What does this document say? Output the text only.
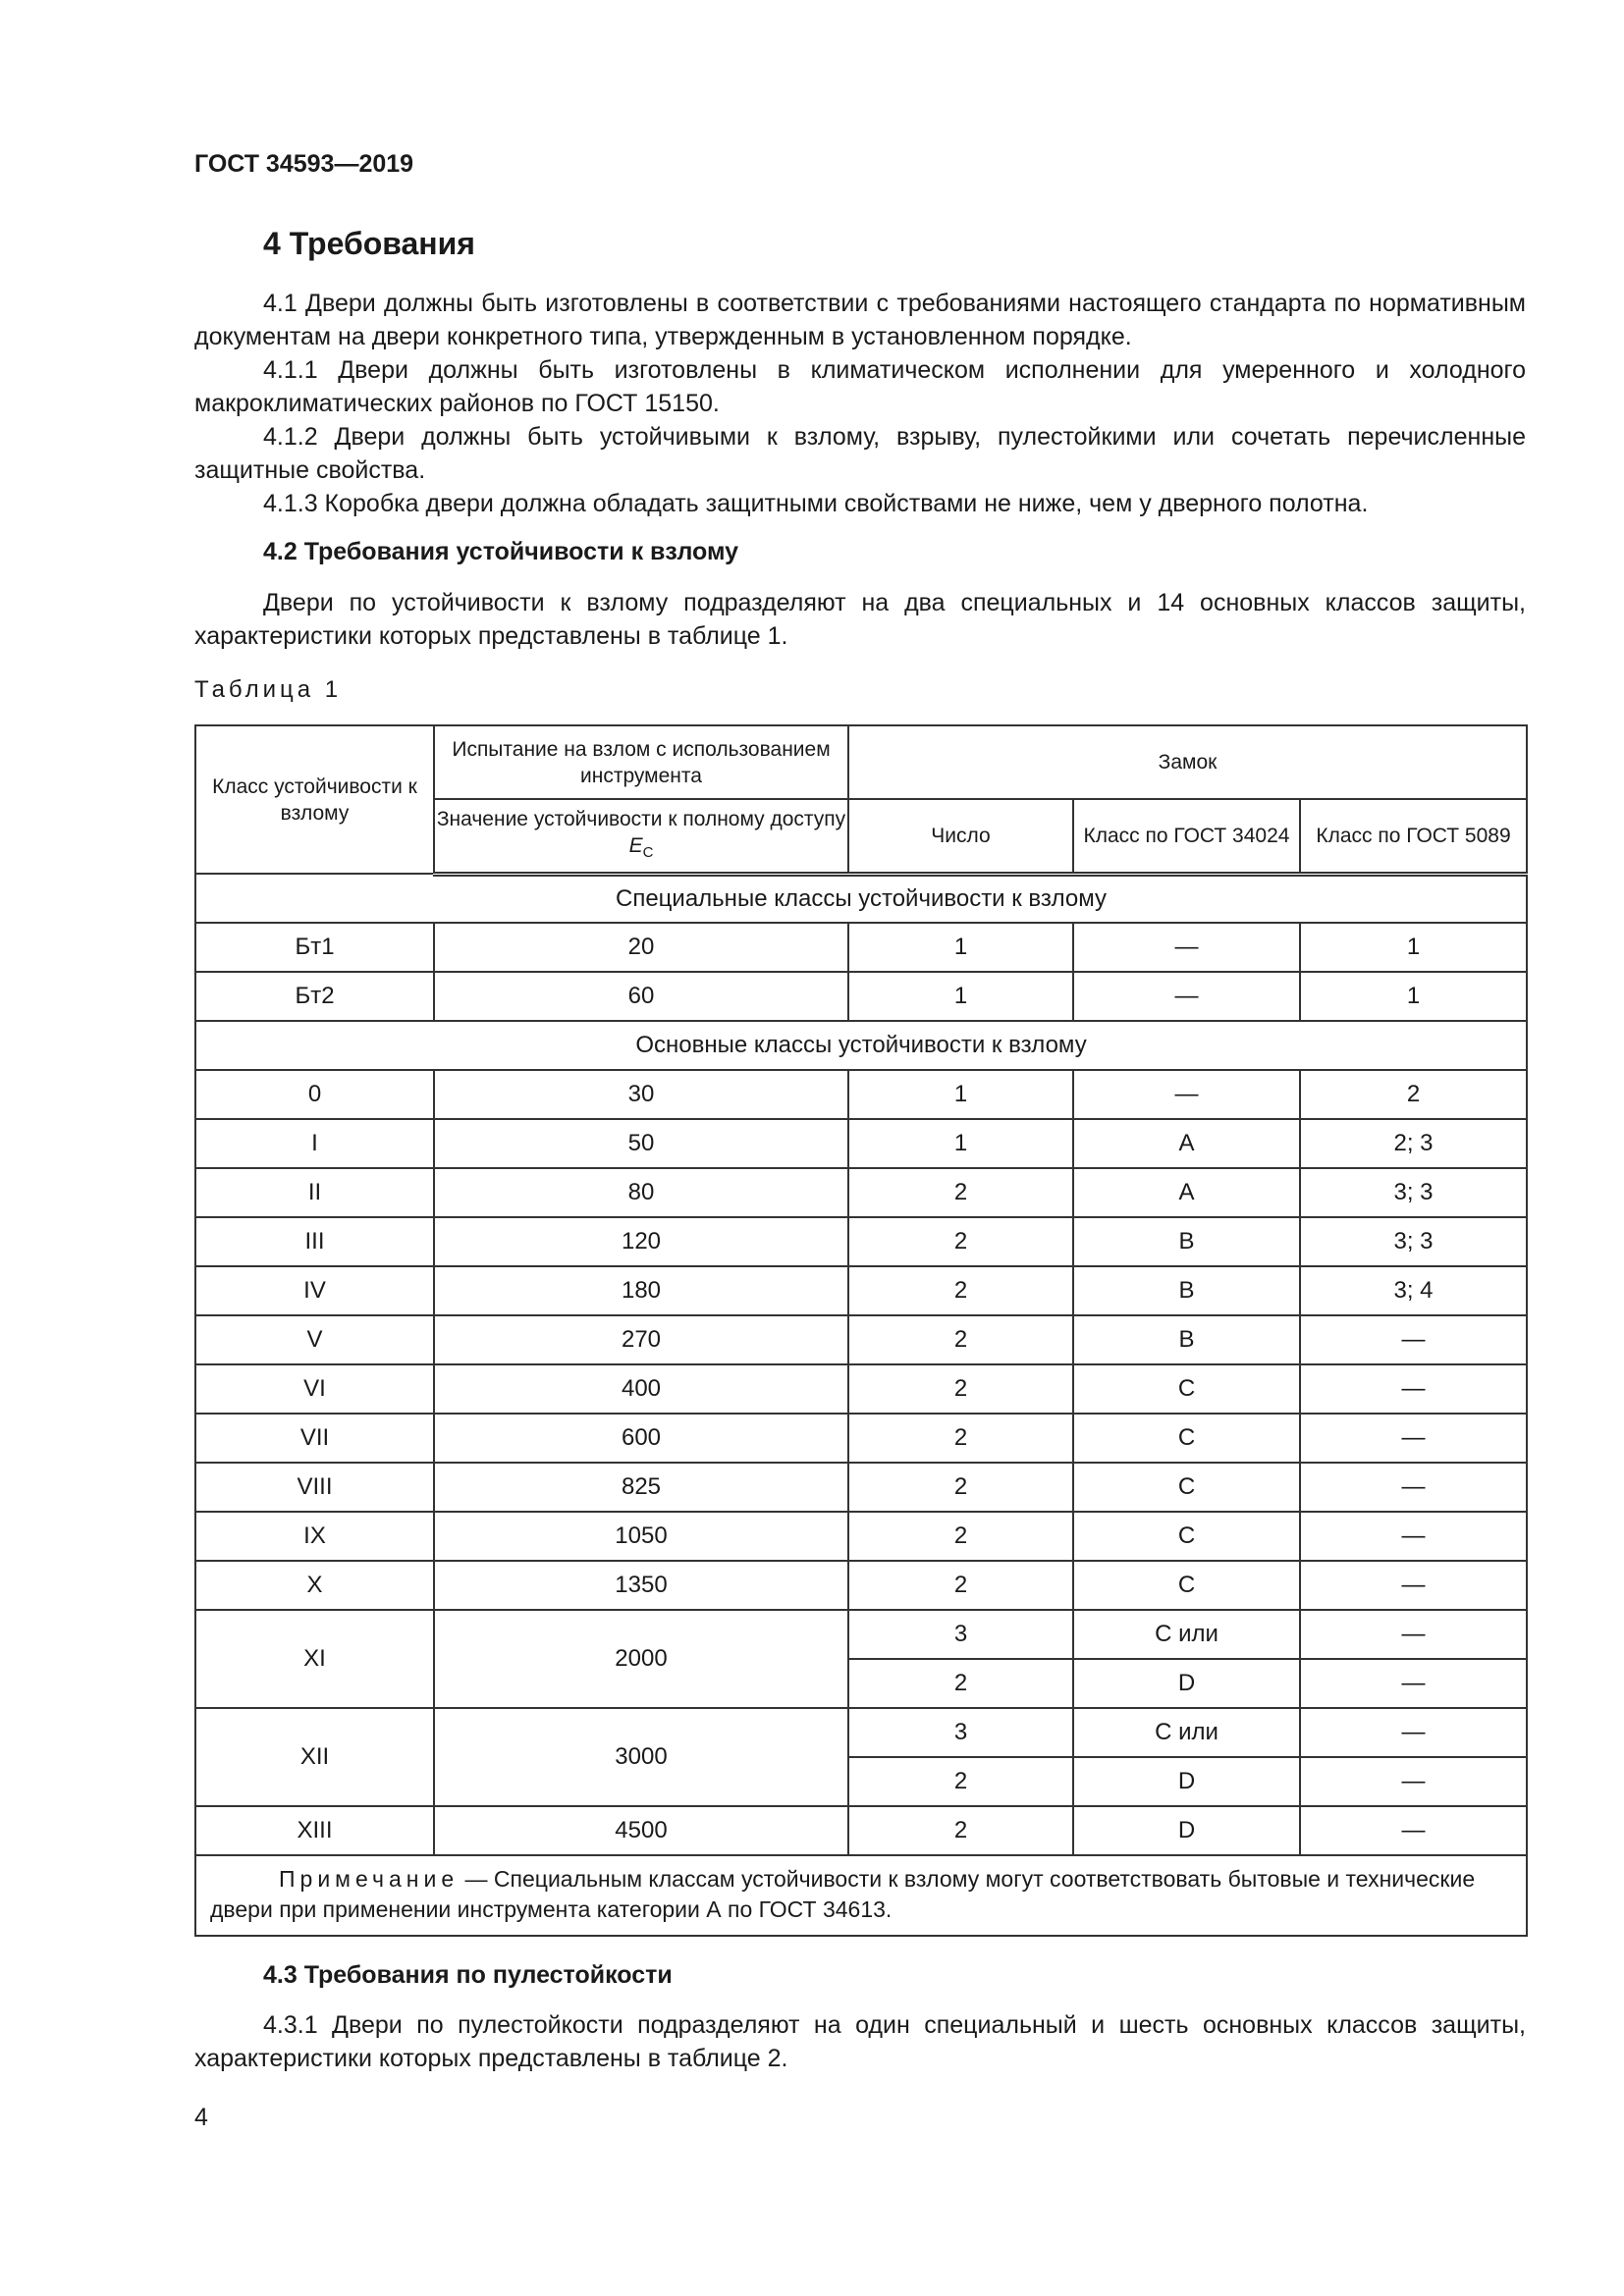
ГОСТ 34593—2019
4 Требования
4.1 Двери должны быть изготовлены в соответствии с требованиями настоящего стандарта по нормативным документам на двери конкретного типа, утвержденным в установленном порядке.
4.1.1 Двери должны быть изготовлены в климатическом исполнении для умеренного и холодного макроклиматических районов по ГОСТ 15150.
4.1.2 Двери должны быть устойчивыми к взлому, взрыву, пулестойкими или сочетать перечисленные защитные свойства.
4.1.3 Коробка двери должна обладать защитными свойствами не ниже, чем у дверного полотна.
4.2 Требования устойчивости к взлому
Двери по устойчивости к взлому подразделяют на два специальных и 14 основных классов защиты, характеристики которых представлены в таблице 1.
Таблица 1
Класс устойчивости к взлому	Испытание на взлом с использованием инструмента	Замок		
	Значение устойчивости к полному доступу $E_C$	Число	Класс по ГОСТ 34024	Класс по ГОСТ 5089
Специальные классы устойчивости к взлому				
Бт1	20	1	—	1
Бт2	60	1	—	1
Основные классы устойчивости к взлому				
0	30	1	—	2
I	50	1	A	2; 3
II	80	2	A	3; 3
III	120	2	B	3; 3
IV	180	2	B	3; 4
V	270	2	B	—
VI	400	2	C	—
VII	600	2	C	—
VIII	825	2	C	—
IX	1050	2	C	—
X	1350	2	C	—
XI	2000	3	C или	—
		2	D	—
XII	3000	3	C или	—
		2	D	—
XIII	4500	2	D	—
Примечание — Специальным классам устойчивости к взлому могут соответствовать бытовые и технические двери при применении инструмента категории А по ГОСТ 34613.				
4.3 Требования по пулестойкости
4.3.1 Двери по пулестойкости подразделяют на один специальный и шесть основных классов защиты, характеристики которых представлены в таблице 2.
4
